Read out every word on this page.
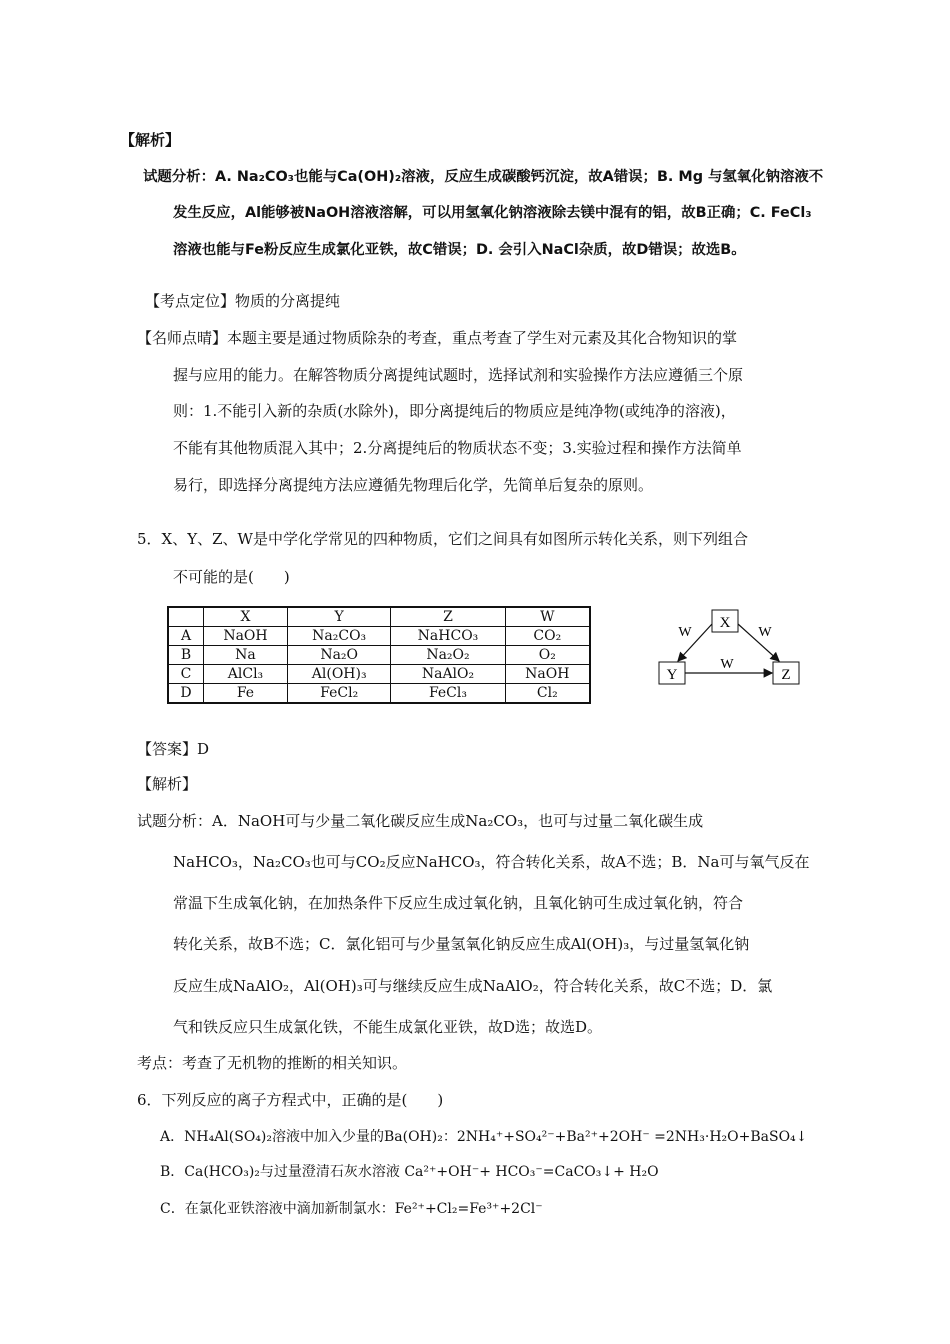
【解析】
试题分析：A. Na₂CO₃也能与Ca(OH)₂溶液，反应生成碳酸钙沉淀，故A错误；B. Mg 与氢氧化钠溶液不
发生反应，Al能够被NaOH溶液溶解，可以用氢氧化钠溶液除去镁中混有的铝，故B正确；C. FeCl₃
溶液也能与Fe粉反应生成氯化亚铁，故C错误；D. 会引入NaCl杂质，故D错误；故选B。
【考点定位】物质的分离提纯
【名师点晴】本题主要是通过物质除杂的考查，重点考查了学生对元素及其化合物知识的掌
握与应用的能力。在解答物质分离提纯试题时，选择试剂和实验操作方法应遵循三个原
则：1.不能引入新的杂质(水除外)，即分离提纯后的物质应是纯净物(或纯净的溶液)，
不能有其他物质混入其中；2.分离提纯后的物质状态不变；3.实验过程和操作方法简单
易行，即选择分离提纯方法应遵循先物理后化学，先简单后复杂的原则。
5．X、Y、Z、W是中学化学常见的四种物质，它们之间具有如图所示转化关系，则下列组合
不可能的是(　　)
	X	Y	Z	W
A	NaOH	Na₂CO₃	NaHCO₃	CO₂
B	Na	Na₂O	Na₂O₂	O₂
C	AlCl₃	Al(OH)₃	NaAlO₂	NaOH
D	Fe	FeCl₂	FeCl₃	Cl₂
X
Y	Z
W	W
W
【答案】D
【解析】
试题分析：A．NaOH可与少量二氧化碳反应生成Na₂CO₃，也可与过量二氧化碳生成
NaHCO₃，Na₂CO₃也可与CO₂反应NaHCO₃，符合转化关系，故A不选；B．Na可与氧气反在
常温下生成氧化钠，在加热条件下反应生成过氧化钠，且氧化钠可生成过氧化钠，符合
转化关系，故B不选；C．氯化铝可与少量氢氧化钠反应生成Al(OH)₃，与过量氢氧化钠
反应生成NaAlO₂，Al(OH)₃可与继续反应生成NaAlO₂，符合转化关系，故C不选；D．氯
气和铁反应只生成氯化铁，不能生成氯化亚铁，故D选；故选D。
考点：考查了无机物的推断的相关知识。
6．下列反应的离子方程式中，正确的是(　　)
A．NH₄Al(SO₄)₂溶液中加入少量的Ba(OH)₂：2NH₄⁺+SO₄²⁻+Ba²⁺+2OH⁻ =2NH₃·H₂O+BaSO₄↓
B．Ca(HCO₃)₂与过量澄清石灰水溶液 Ca²⁺+OH⁻+ HCO₃⁻=CaCO₃↓+ H₂O
C．在氯化亚铁溶液中滴加新制氯水：Fe²⁺+Cl₂=Fe³⁺+2Cl⁻
